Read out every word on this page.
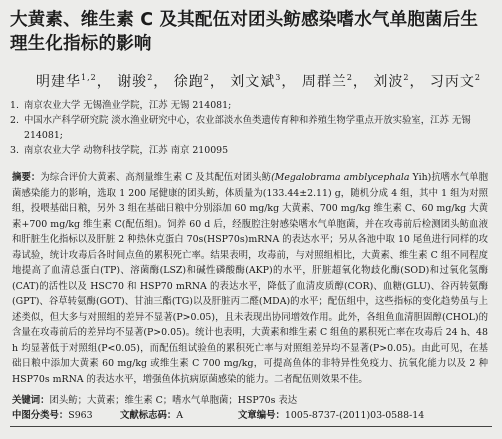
大黄素、维生素 C 及其配伍对团头鲂感染嗜水气单胞菌后生理生化指标的影响
明建华$^{1,2}$， 谢骏$^2$， 徐跑$^2$， 刘文斌$^3$， 周群兰$^2$， 刘波$^2$， 习丙文$^2$
1. 南京农业大学 无锡渔业学院，江苏 无锡 214081;
2. 中国水产科学研究院 淡水渔业研究中心，农业部淡水鱼类遗传育种和养殖生物学重点开放实验室，江苏 无锡
214081;
3. 南京农业大学 动物科技学院，江苏 南京 210095
摘要：为综合评价大黄素、高剂量维生素 C 及其配伍对团头鲂(Megalobrama amblycephala Yih)抗嗜水气单胞菌感染能力的影响，选取 1 200 尾健康的团头鲂，体质量为(133.44±2.11) g，随机分成 4 组，其中 1 组为对照组，投喂基础日粮，另外 3 组在基础日粮中分别添加 60 mg/kg 大黄素、700 mg/kg 维生素 C、60 mg/kg 大黄素+700 mg/kg 维生素 C(配伍组)。饲养 60 d 后，经腹腔注射感染嗜水气单胞菌，并在攻毒前后检测团头鲂血液和肝脏生化指标以及肝脏 2 种热休克蛋白 70s(HSP70s)mRNA 的表达水平；另从各池中取 10 尾鱼进行同样的攻毒试验，统计攻毒后各时间点鱼的累积死亡率。结果表明，攻毒前，与对照组相比，大黄素、维生素 C 组不同程度地提高了血清总蛋白(TP)、溶菌酶(LSZ)和碱性磷酸酶(AKP)的水平，肝脏超氧化物歧化酶(SOD)和过氧化氢酶(CAT)的活性以及 HSC70 和 HSP70 mRNA 的表达水平，降低了血清皮质醇(COR)、血糖(GLU)、谷丙转氨酶(GPT)、谷草转氨酶(GOT)、甘油三酯(TG)以及肝脏丙二醛(MDA)的水平；配伍组中，这些指标的变化趋势虽与上述类似，但大多与对照组的差异不显著(P>0.05)，且未表现出协同增效作用。此外，各组鱼血清胆固醇(CHOL)的含量在攻毒前后的差异均不显著(P>0.05)。统计也表明，大黄素和维生素 C 组鱼的累积死亡率在攻毒后 24 h、48 h 均显著低于对照组(P<0.05)，而配伍组试验鱼的累积死亡率与对照组差异均不显著(P>0.05)。由此可见，在基础日粮中添加大黄素 60 mg/kg 或维生素 C 700 mg/kg，可提高鱼体的非特异性免疫力、抗氧化能力以及 2 种 HSP70s mRNA 的表达水平，增强鱼体抗病原菌感染的能力。二者配伍则效果不佳。
关键词：团头鲂；大黄素；维生素 C；嗜水气单胞菌；HSP70s 表达
中图分类号：S963	文献标志码：A	文章编号：1005-8737-(2011)03-0588-14
